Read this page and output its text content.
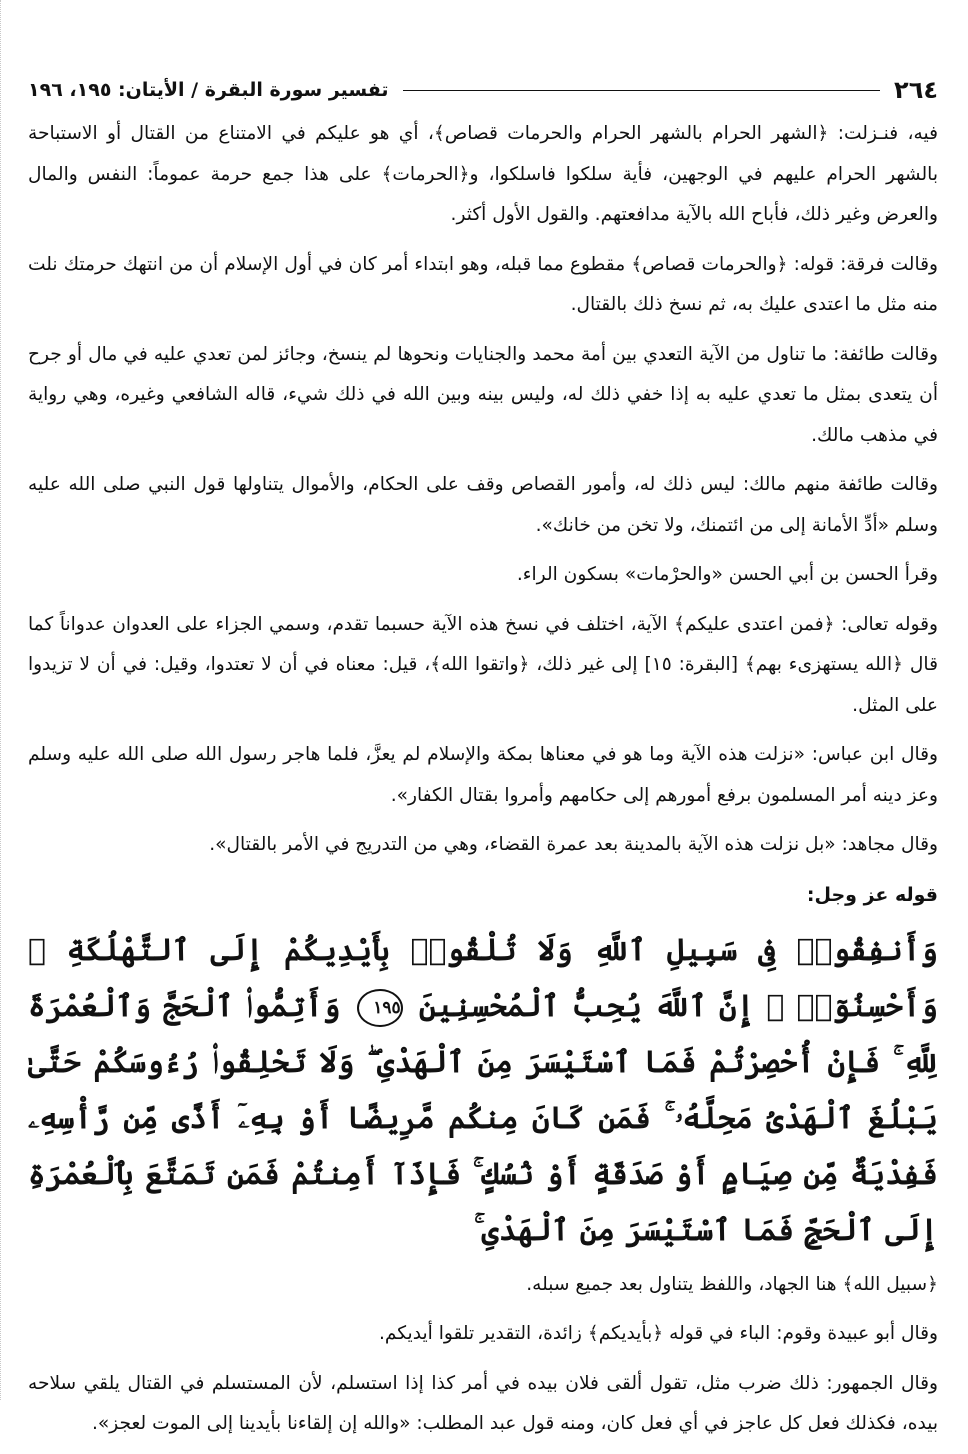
٢٦٤
تفسير سورة البقرة / الأيتان: ١٩٥، ١٩٦

فيه، فنـزلت: ﴿الشهر الحرام بالشهر الحرام والحرمات قصاص﴾، أي هو عليكم في الامتناع من القتال أو الاستباحة بالشهر الحرام عليهم في الوجهين، فأية سلكوا فاسلكوا، و﴿الحرمات﴾ على هذا جمع حرمة عموماً: النفس والمال والعرض وغير ذلك، فأباح الله بالآية مدافعتهم. والقول الأول أكثر.

وقالت فرقة: قوله: ﴿والحرمات قصاص﴾ مقطوع مما قبله، وهو ابتداء أمر كان في أول الإسلام أن من انتهك حرمتك نلت منه مثل ما اعتدى عليك به، ثم نسخ ذلك بالقتال.

وقالت طائفة: ما تناول من الآية التعدي بين أمة محمد والجنايات ونحوها لم ينسخ، وجائز لمن تعدي عليه في مال أو جرح أن يتعدى بمثل ما تعدي عليه به إذا خفي ذلك له، وليس بينه وبين الله في ذلك شيء، قاله الشافعي وغيره، وهي رواية في مذهب مالك.

وقالت طائفة منهم مالك: ليس ذلك له، وأمور القصاص وقف على الحكام، والأموال يتناولها قول النبي صلى الله عليه وسلم «أدِّ الأمانة إلى من ائتمنك، ولا تخن من خانك».

وقرأ الحسن بن أبي الحسن «والحرْمات» بسكون الراء.

وقوله تعالى: ﴿فمن اعتدى عليكم﴾ الآية، اختلف في نسخ هذه الآية حسبما تقدم، وسمي الجزاء على العدوان عدواناً كما قال ﴿الله يستهزىء بهم﴾ [البقرة: ١٥] إلى غير ذلك، ﴿واتقوا الله﴾، قيل: معناه في أن لا تعتدوا، وقيل: في أن لا تزيدوا على المثل.

وقال ابن عباس: «نزلت هذه الآية وما هو في معناها بمكة والإسلام لم يعزَّ، فلما هاجر رسول الله صلى الله عليه وسلم وعز دينه أمر المسلمون برفع أمورهم إلى حكامهم وأمروا بقتال الكفار».

وقال مجاهد: «بل نزلت هذه الآية بالمدينة بعد عمرة القضاء، وهي من التدريج في الأمر بالقتال».

قوله عز وجل:

وَأَنفِقُوا۟ فِى سَبِيلِ ٱللَّهِ وَلَا تُلْقُوا۟ بِأَيْدِيكُمْ إِلَى ٱلتَّهْلُكَةِ ۛ وَأَحْسِنُوٓا۟ ۛ إِنَّ ٱللَّهَ يُحِبُّ ٱلْمُحْسِنِينَ ١٩٥ وَأَتِمُّوا۟ ٱلْحَجَّ وَٱلْعُمْرَةَ لِلَّهِ ۚ فَإِنْ أُحْصِرْتُمْ فَمَا ٱسْتَيْسَرَ مِنَ ٱلْهَدْىِ ۖ وَلَا تَحْلِقُوا۟ رُءُوسَكُمْ حَتَّىٰ يَبْلُغَ ٱلْهَدْىُ مَحِلَّهُۥ ۚ فَمَن كَانَ مِنكُم مَّرِيضًا أَوْ بِهِۦٓ أَذًى مِّن رَّأْسِهِۦ فَفِدْيَةٌ مِّن صِيَامٍ أَوْ صَدَقَةٍ أَوْ نُسُكٍ ۚ فَإِذَآ أَمِنتُمْ فَمَن تَمَتَّعَ بِٱلْعُمْرَةِ إِلَى ٱلْحَجِّ فَمَا ٱسْتَيْسَرَ مِنَ ٱلْهَدْىِ ۚ

﴿سبيل الله﴾ هنا الجهاد، واللفظ يتناول بعد جميع سبله.

وقال أبو عبيدة وقوم: الباء في قوله ﴿بأيديكم﴾ زائدة، التقدير تلقوا أيديكم.

وقال الجمهور: ذلك ضرب مثل، تقول ألقى فلان بيده في أمر كذا إذا استسلم، لأن المستسلم في القتال يلقي سلاحه بيده، فكذلك فعل كل عاجز في أي فعل كان، ومنه قول عبد المطلب: «والله إن إلقاءنا بأيدينا إلى الموت لعجز».
